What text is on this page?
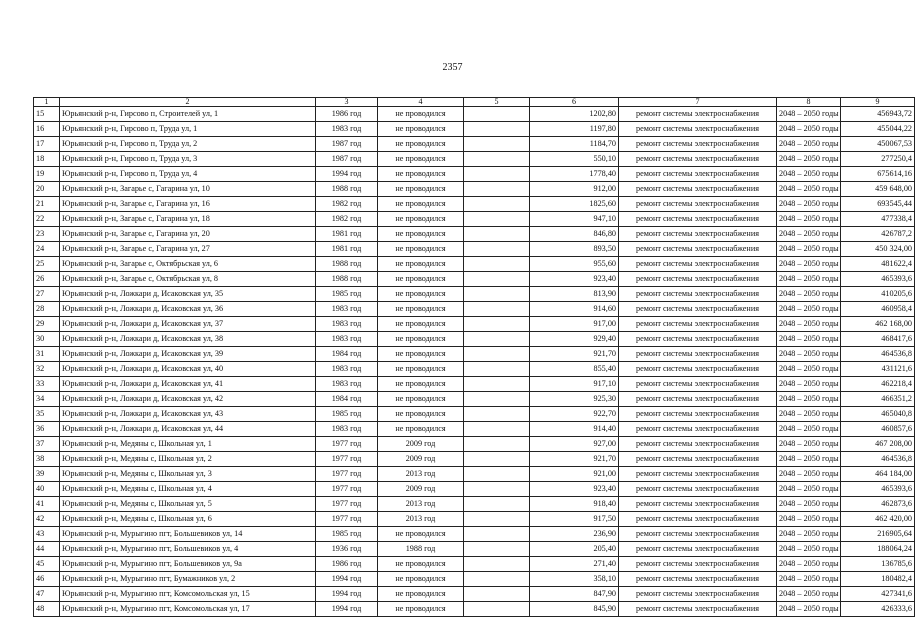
2357
1	2	3	4	5	6	7	8	9
15	Юрьянский р-н, Гирсово п, Строителей ул, 1	1986 год	не проводился		1202,80	ремонт системы электроснабжения	2048 – 2050 годы	456943,72
16	Юрьянский р-н, Гирсово п, Труда ул, 1	1983 год	не проводился		1197,80	ремонт системы электроснабжения	2048 – 2050 годы	455044,22
17	Юрьянский р-н, Гирсово п, Труда ул, 2	1987 год	не проводился		1184,70	ремонт системы электроснабжения	2048 – 2050 годы	450067,53
18	Юрьянский р-н, Гирсово п, Труда ул, 3	1987 год	не проводился		550,10	ремонт системы электроснабжения	2048 – 2050 годы	277250,4
19	Юрьянский р-н, Гирсово п, Труда ул, 4	1994 год	не проводился		1778,40	ремонт системы электроснабжения	2048 – 2050 годы	675614,16
20	Юрьянский р-н, Загарье с, Гагарина ул, 10	1988 год	не проводился		912,00	ремонт системы электроснабжения	2048 – 2050 годы	459 648,00
21	Юрьянский р-н, Загарье с, Гагарина ул, 16	1982 год	не проводился		1825,60	ремонт системы электроснабжения	2048 – 2050 годы	693545,44
22	Юрьянский р-н, Загарье с, Гагарина ул, 18	1982 год	не проводился		947,10	ремонт системы электроснабжения	2048 – 2050 годы	477338,4
23	Юрьянский р-н, Загарье с, Гагарина ул, 20	1981 год	не проводился		846,80	ремонт системы электроснабжения	2048 – 2050 годы	426787,2
24	Юрьянский р-н, Загарье с, Гагарина ул, 27	1981 год	не проводился		893,50	ремонт системы электроснабжения	2048 – 2050 годы	450 324,00
25	Юрьянский р-н, Загарье с, Октябрьская ул, 6	1988 год	не проводился		955,60	ремонт системы электроснабжения	2048 – 2050 годы	481622,4
26	Юрьянский р-н, Загарье с, Октябрьская ул, 8	1988 год	не проводился		923,40	ремонт системы электроснабжения	2048 – 2050 годы	465393,6
27	Юрьянский р-н, Ложкари д, Исаковская ул, 35	1985 год	не проводился		813,90	ремонт системы электроснабжения	2048 – 2050 годы	410205,6
28	Юрьянский р-н, Ложкари д, Исаковская ул, 36	1983 год	не проводился		914,60	ремонт системы электроснабжения	2048 – 2050 годы	460958,4
29	Юрьянский р-н, Ложкари д, Исаковская ул, 37	1983 год	не проводился		917,00	ремонт системы электроснабжения	2048 – 2050 годы	462 168,00
30	Юрьянский р-н, Ложкари д, Исаковская ул, 38	1983 год	не проводился		929,40	ремонт системы электроснабжения	2048 – 2050 годы	468417,6
31	Юрьянский р-н, Ложкари д, Исаковская ул, 39	1984 год	не проводился		921,70	ремонт системы электроснабжения	2048 – 2050 годы	464536,8
32	Юрьянский р-н, Ложкари д, Исаковская ул, 40	1983 год	не проводился		855,40	ремонт системы электроснабжения	2048 – 2050 годы	431121,6
33	Юрьянский р-н, Ложкари д, Исаковская ул, 41	1983 год	не проводился		917,10	ремонт системы электроснабжения	2048 – 2050 годы	462218,4
34	Юрьянский р-н, Ложкари д, Исаковская ул, 42	1984 год	не проводился		925,30	ремонт системы электроснабжения	2048 – 2050 годы	466351,2
35	Юрьянский р-н, Ложкари д, Исаковская ул, 43	1985 год	не проводился		922,70	ремонт системы электроснабжения	2048 – 2050 годы	465040,8
36	Юрьянский р-н, Ложкари д, Исаковская ул, 44	1983 год	не проводился		914,40	ремонт системы электроснабжения	2048 – 2050 годы	460857,6
37	Юрьянский р-н, Медяны с, Школьная ул, 1	1977 год	2009 год		927,00	ремонт системы электроснабжения	2048 – 2050 годы	467 208,00
38	Юрьянский р-н, Медяны с, Школьная ул, 2	1977 год	2009 год		921,70	ремонт системы электроснабжения	2048 – 2050 годы	464536,8
39	Юрьянский р-н, Медяны с, Школьная ул, 3	1977 год	2013 год		921,00	ремонт системы электроснабжения	2048 – 2050 годы	464 184,00
40	Юрьянский р-н, Медяны с, Школьная ул, 4	1977 год	2009 год		923,40	ремонт системы электроснабжения	2048 – 2050 годы	465393,6
41	Юрьянский р-н, Медяны с, Школьная ул, 5	1977 год	2013 год		918,40	ремонт системы электроснабжения	2048 – 2050 годы	462873,6
42	Юрьянский р-н, Медяны с, Школьная ул, 6	1977 год	2013 год		917,50	ремонт системы электроснабжения	2048 – 2050 годы	462 420,00
43	Юрьянский р-н, Мурыгино пгт, Большевиков ул, 14	1985 год	не проводился		236,90	ремонт системы электроснабжения	2048 – 2050 годы	216905,64
44	Юрьянский р-н, Мурыгино пгт, Большевиков ул, 4	1936 год	1988 год		205,40	ремонт системы электроснабжения	2048 – 2050 годы	188064,24
45	Юрьянский р-н, Мурыгино пгт, Большевиков ул, 9а	1986 год	не проводился		271,40	ремонт системы электроснабжения	2048 – 2050 годы	136785,6
46	Юрьянский р-н, Мурыгино пгт, Бумажников ул, 2	1994 год	не проводился		358,10	ремонт системы электроснабжения	2048 – 2050 годы	180482,4
47	Юрьянский р-н, Мурыгино пгт, Комсомольская ул, 15	1994 год	не проводился		847,90	ремонт системы электроснабжения	2048 – 2050 годы	427341,6
48	Юрьянский р-н, Мурыгино пгт, Комсомольская ул, 17	1994 год	не проводился		845,90	ремонт системы электроснабжения	2048 – 2050 годы	426333,6
